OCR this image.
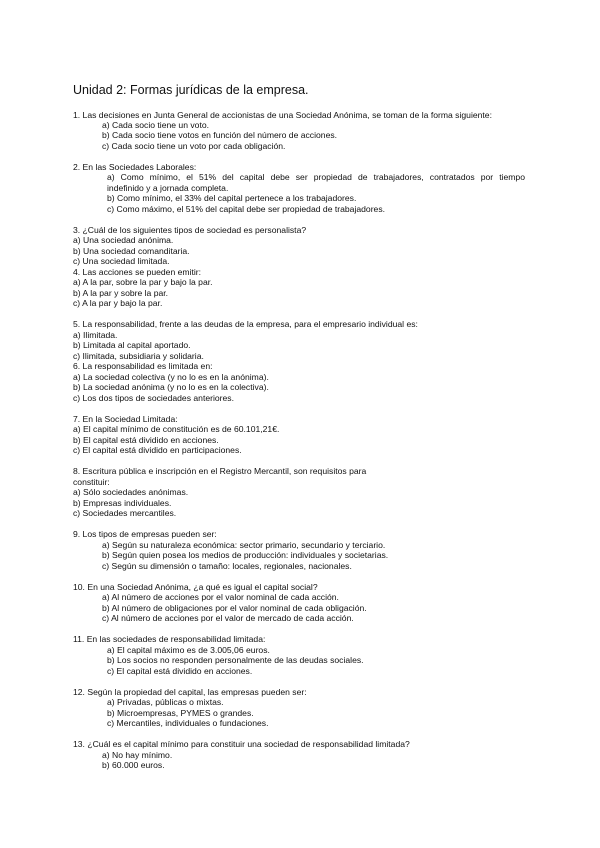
Unidad 2: Formas jurídicas de la empresa.
1. Las decisiones en Junta General de accionistas de una Sociedad Anónima, se toman de la forma siguiente:
a) Cada socio tiene un voto.
b) Cada socio tiene votos en función del número de acciones.
c) Cada socio tiene un voto por cada obligación.
2. En las Sociedades Laborales:
a) Como mínimo, el 51% del capital debe ser propiedad de trabajadores, contratados por tiempo
indefinido y a jornada completa.
b) Como mínimo, el 33% del capital pertenece a los trabajadores.
c) Como máximo, el 51% del capital debe ser propiedad de trabajadores.
3. ¿Cuál de los siguientes tipos de sociedad es personalista?
a) Una sociedad anónima.
b) Una sociedad comanditaria.
c) Una sociedad limitada.
4. Las acciones se pueden emitir:
a) A la par, sobre la par y bajo la par.
b) A la par y sobre la par.
c) A la par y bajo la par.
5. La responsabilidad, frente a las deudas de la empresa, para el empresario individual es:
a) Ilimitada.
b) Limitada al capital aportado.
c) Ilimitada, subsidiaria y solidaria.
6. La responsabilidad es limitada en:
a) La sociedad colectiva (y no lo es en la anónima).
b) La sociedad anónima (y no lo es en la colectiva).
c) Los dos tipos de sociedades anteriores.
7. En la Sociedad Limitada:
a) El capital mínimo de constitución es de 60.101,21€.
b) El capital está dividido en acciones.
c) El capital está dividido en participaciones.
8. Escritura pública e inscripción en el Registro Mercantil, son requisitos para
constituir:
a) Sólo sociedades anónimas.
b) Empresas individuales.
c) Sociedades mercantiles.
9. Los tipos de empresas pueden ser:
a) Según su naturaleza económica: sector primario, secundario y terciario.
b) Según quien posea los medios de producción: individuales y societarias.
c) Según su dimensión o tamaño: locales, regionales, nacionales.
10. En una Sociedad Anónima, ¿a qué es igual el capital social?
a) Al número de acciones por el valor nominal de cada acción.
b) Al número de obligaciones por el valor nominal de cada obligación.
c) Al número de acciones por el valor de mercado de cada acción.
11. En las sociedades de responsabilidad limitada:
a) El capital máximo es de 3.005,06 euros.
b) Los socios no responden personalmente de las deudas sociales.
c) El capital está dividido en acciones.
12. Según la propiedad del capital, las empresas pueden ser:
a) Privadas, públicas o mixtas.
b) Microempresas, PYMES o grandes.
c) Mercantiles, individuales o fundaciones.
13. ¿Cuál es el capital mínimo para constituir una sociedad de responsabilidad limitada?
a) No hay mínimo.
b) 60.000 euros.
